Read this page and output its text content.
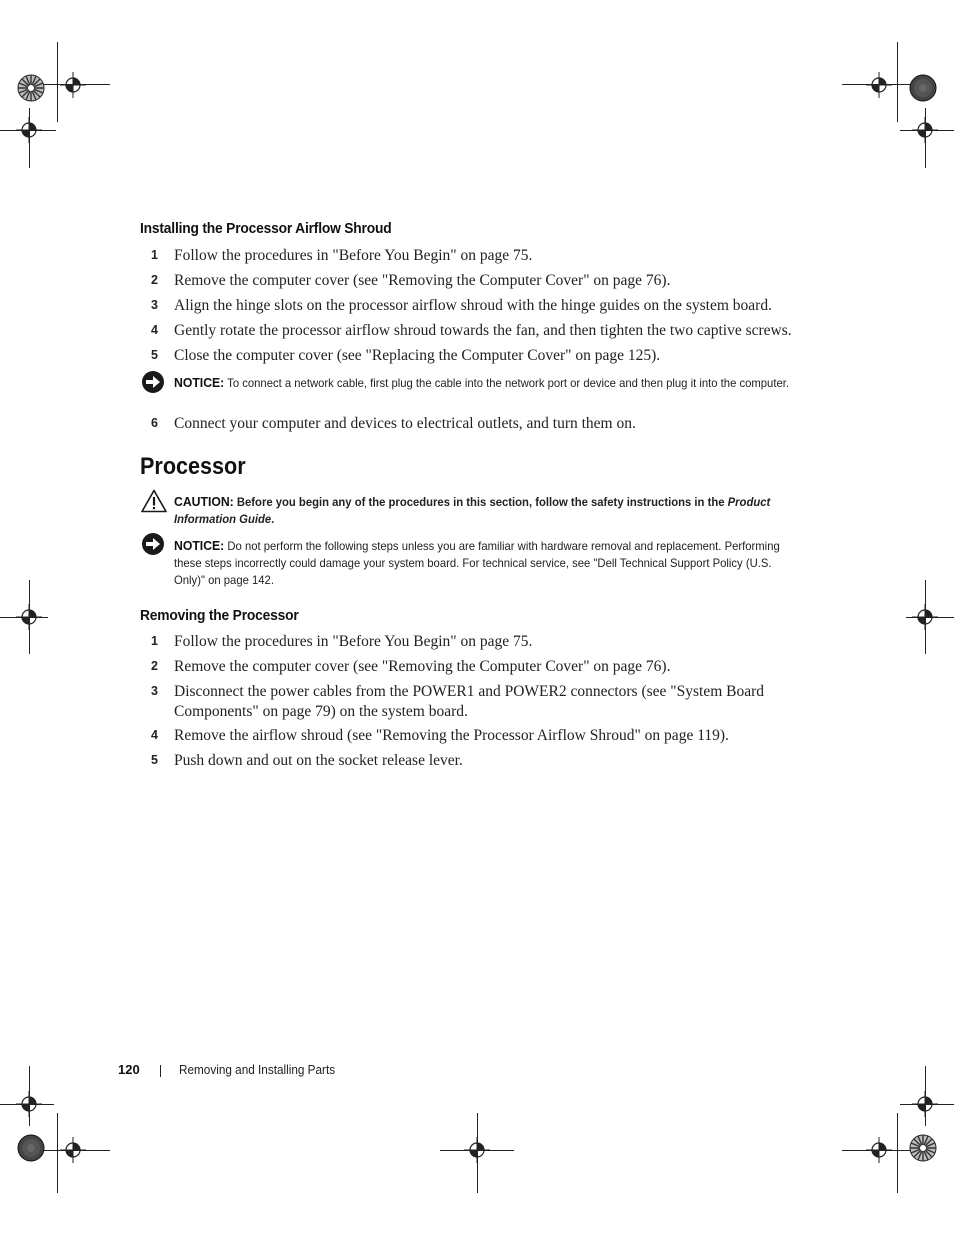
Installing the Processor Airflow Shroud
1 Follow the procedures in "Before You Begin" on page 75.
2 Remove the computer cover (see "Removing the Computer Cover" on page 76).
3 Align the hinge slots on the processor airflow shroud with the hinge guides on the system board.
4 Gently rotate the processor airflow shroud towards the fan, and then tighten the two captive screws.
5 Close the computer cover (see "Replacing the Computer Cover" on page 125).
NOTICE: To connect a network cable, first plug the cable into the network port or device and then plug it into the computer.
6 Connect your computer and devices to electrical outlets, and turn them on.
Processor
CAUTION: Before you begin any of the procedures in this section, follow the safety instructions in the Product Information Guide.
NOTICE: Do not perform the following steps unless you are familiar with hardware removal and replacement. Performing these steps incorrectly could damage your system board. For technical service, see "Dell Technical Support Policy (U.S. Only)" on page 142.
Removing the Processor
1 Follow the procedures in "Before You Begin" on page 75.
2 Remove the computer cover (see "Removing the Computer Cover" on page 76).
3 Disconnect the power cables from the POWER1 and POWER2 connectors (see "System Board Components" on page 79) on the system board.
4 Remove the airflow shroud (see "Removing the Processor Airflow Shroud" on page 119).
5 Push down and out on the socket release lever.
120	Removing and Installing Parts
